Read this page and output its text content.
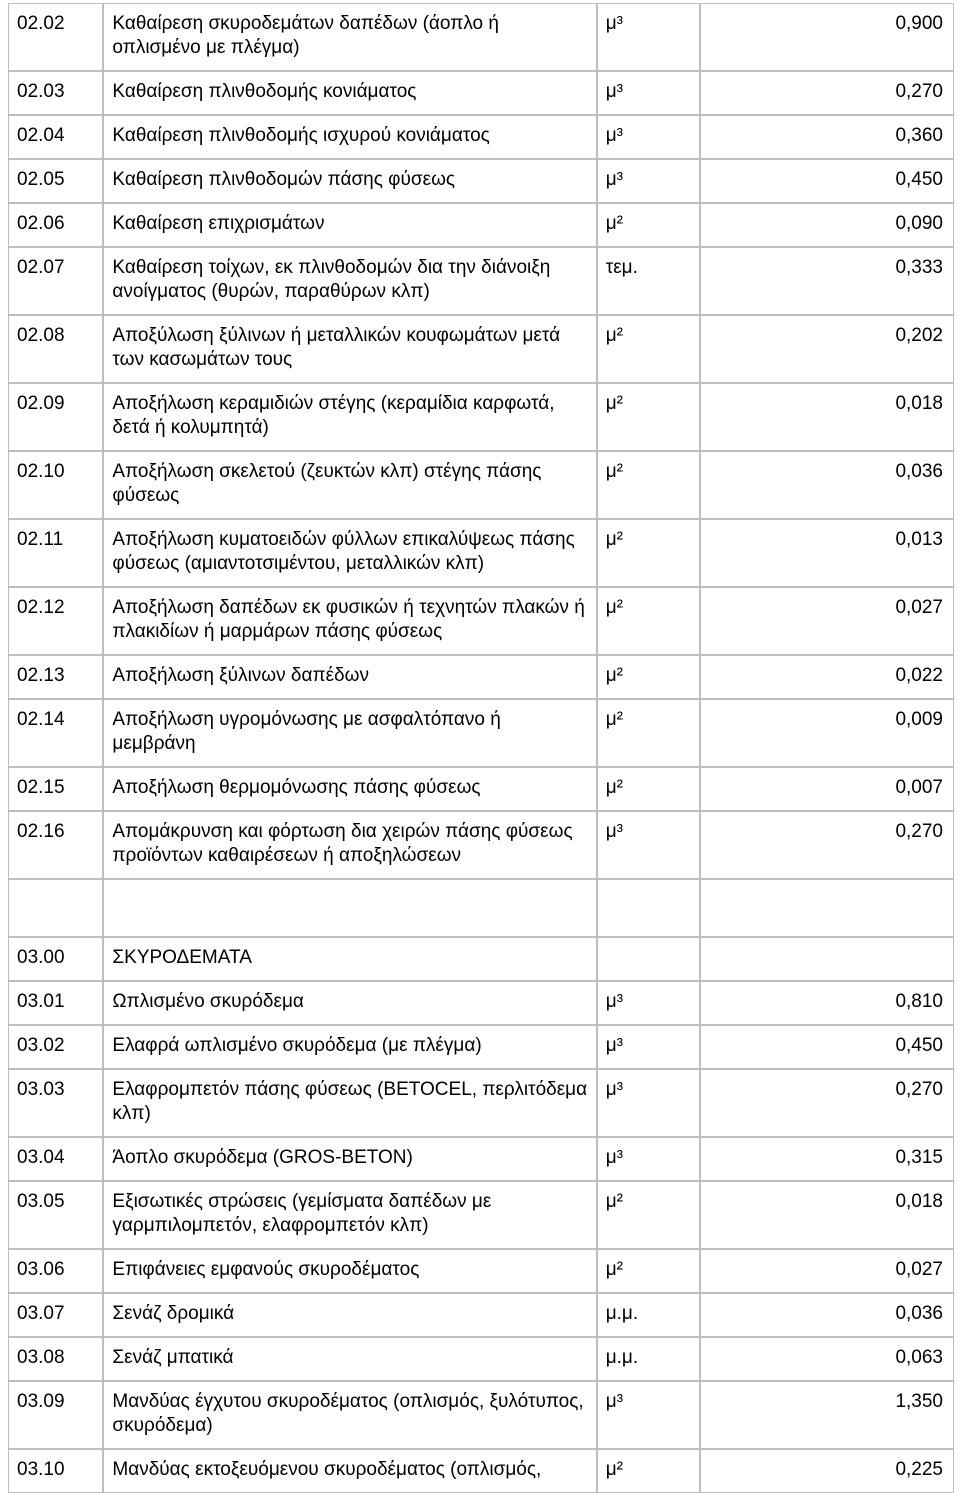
02.02	Καθαίρεση σκυροδεμάτων δαπέδων (άοπλο ή οπλισμένο με πλέγμα)	μ³	0,900
02.03	Καθαίρεση πλινθοδομής κονιάματος	μ³	0,270
02.04	Καθαίρεση πλινθοδομής ισχυρού κονιάματος	μ³	0,360
02.05	Καθαίρεση πλινθοδομών πάσης φύσεως	μ³	0,450
02.06	Καθαίρεση επιχρισμάτων	μ²	0,090
02.07	Καθαίρεση τοίχων, εκ πλινθοδομών δια την διάνοιξη ανοίγματος (θυρών, παραθύρων κλπ)	τεμ.	0,333
02.08	Αποξύλωση ξύλινων ή μεταλλικών κουφωμάτων μετά των κασωμάτων τους	μ²	0,202
02.09	Αποξήλωση κεραμιδιών στέγης (κεραμίδια καρφωτά, δετά ή κολυμπητά)	μ²	0,018
02.10	Αποξήλωση σκελετού (ζευκτών κλπ) στέγης πάσης φύσεως	μ²	0,036
02.11	Αποξήλωση κυματοειδών φύλλων επικαλύψεως πάσης φύσεως (αμιαντοτσιμέντου, μεταλλικών κλπ)	μ²	0,013
02.12	Αποξήλωση δαπέδων εκ φυσικών ή τεχνητών πλακών ή πλακιδίων ή μαρμάρων πάσης φύσεως	μ²	0,027
02.13	Αποξήλωση ξύλινων δαπέδων	μ²	0,022
02.14	Αποξήλωση υγρομόνωσης με ασφαλτόπανο ή μεμβράνη	μ²	0,009
02.15	Αποξήλωση θερμομόνωσης πάσης φύσεως	μ²	0,007
02.16	Απομάκρυνση και φόρτωση δια χειρών πάσης φύσεως προϊόντων καθαιρέσεων ή αποξηλώσεων	μ³	0,270

03.00	ΣΚΥΡΟΔΕΜΑΤΑ		
03.01	Ωπλισμένο σκυρόδεμα	μ³	0,810
03.02	Ελαφρά ωπλισμένο σκυρόδεμα (με πλέγμα)	μ³	0,450
03.03	Ελαφρομπετόν πάσης φύσεως (BETOCEL, περλιτόδεμα κλπ)	μ³	0,270
03.04	Άοπλο σκυρόδεμα (GROS-BETON)	μ³	0,315
03.05	Εξισωτικές στρώσεις (γεμίσματα δαπέδων με γαρμπιλομπετόν, ελαφρομπετόν κλπ)	μ²	0,018
03.06	Επιφάνειες εμφανούς σκυροδέματος	μ²	0,027
03.07	Σενάζ δρομικά	μ.μ.	0,036
03.08	Σενάζ μπατικά	μ.μ.	0,063
03.09	Μανδύας έγχυτου σκυροδέματος (οπλισμός, ξυλότυπος, σκυρόδεμα)	μ³	1,350
03.10	Μανδύας εκτοξευόμενου σκυροδέματος (οπλισμός,	μ²	0,225
